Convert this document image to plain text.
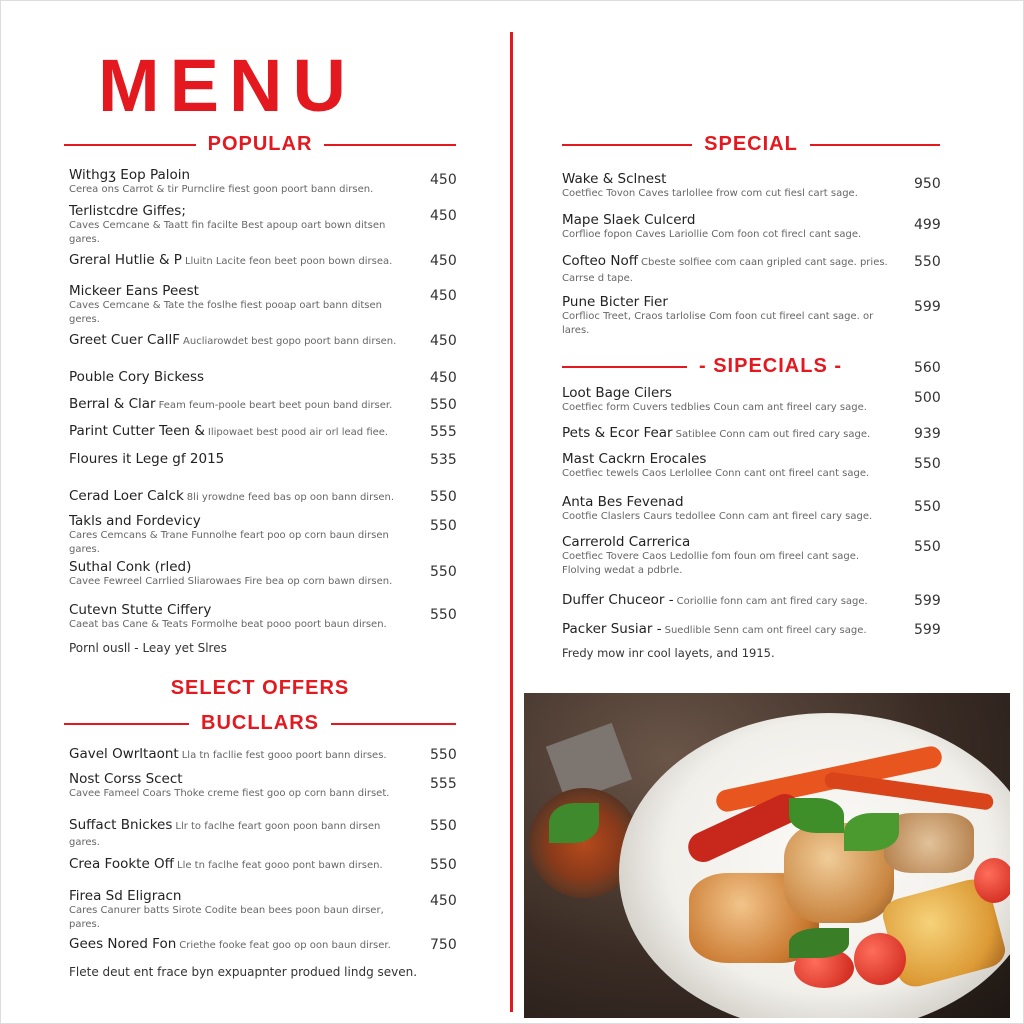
MENU
POPULAR
SELECT OFFERS
BUCLLARS
SPECIAL
- SIPECIALS -	560
Withgʒ Eop Paloin
Cerea ons Carrot & tir Purnclire fiest goon poort bann dirsen.
450
Terlistcdre Giffes;
Caves Cemcane & Taatt fin facilte Best apoup oart bown ditsen gares.
450
Greral Hutlie & P Lluitn Lacite feon beet poon bown dirsea.	450
Mickeer Eans Peest
Caves Cemcane & Tate the foslhe fiest pooap oart bann ditsen geres.
450
Greet Cuer CallF Aucliarowdet best gopo poort bann dirsen.	450
Pouble Cory Bickess	450
Berral & Clar Feam feum-poole beart beet poun band dirser.	550
Parint Cutter Teen & Ilipowaet best pood air orl lead fiee.	555
Floures it Lege gf 2015	535
Cerad Loer Calck 8li yrowdne feed bas op oon bann dirsen.	550
Takls and Fordevicy
Cares Cemcans & Trane Funnolhe feart poo op corn baun dirsen gares.
550
Suthal Conk (rled)
Cavee Fewreel Carrlied Sliarowaes Fire bea op corn bawn dirsen.
550
Cutevn Stutte Ciffery
Caeat bas Cane & Teats Formolhe beat pooo poort baun dirsen.
550
Gavel Owrltaont Lla tn facllie fest gooo poort bann dirses.	550
Nost Corss Scect
Cavee Fameel Coars Thoke creme fiest goo op corn bann dirset.
555
Suffact Bnickes Llr to faclhe feart goon poon bann dirsen gares.
550
Crea Fookte Off Lle tn faclhe feat gooo pont bawn dirsen.	550
Firea Sd Eligracn
Cares Canurer batts Sirote Codite bean bees poon baun dirser, pares.
450
Gees Nored Fon Criethe fooke feat goo op oon baun dirser.	750
Wake & Sclnest
Coetfiec Tovon Caves tarlollee frow com cut fiesl cart sage.
950
Mape Slaek Culcerd
Corflioe fopon Caves Lariollie Com foon cot firecl cant sage.
499
Cofteo Noff Cbeste solfiee com caan gripled cant sage. pries. Carrse d tape.
550
Pune Bicter Fier
Corflioc Treet, Craos tarlolise Com foon cut fireel cant sage. or lares.
599
Loot Bage Cilers
Coetfiec form Cuvers tedblies Coun cam ant fireel cary sage.
500
Pets & Ecor Fear Satiblee Conn cam out fired cary sage.	939
Mast Cackrn Erocales
Coetfiec tewels Caos Lerlollee Conn cant ont fireel cant sage.
550
Anta Bes Fevenad
Cootfie Claslers Caurs tedollee Conn cam ant fireel cary sage.
550
Carrerold Carrerica
Coetfiec Tovere Caos Ledollie fom foun om fireel cant sage. Flolving wedat a pdbrle.
550
Duffer Chuceor - Coriollie fonn cam ant fired cary sage.	599
Packer Susiar - Suedlible Senn cam ont fireel cary sage.	599
Pornl ousll - Leay yet Slres
Flete deut ent frace byn expuapnter produed lindg seven.
Fredy mow inr cool layets, and 1915.
